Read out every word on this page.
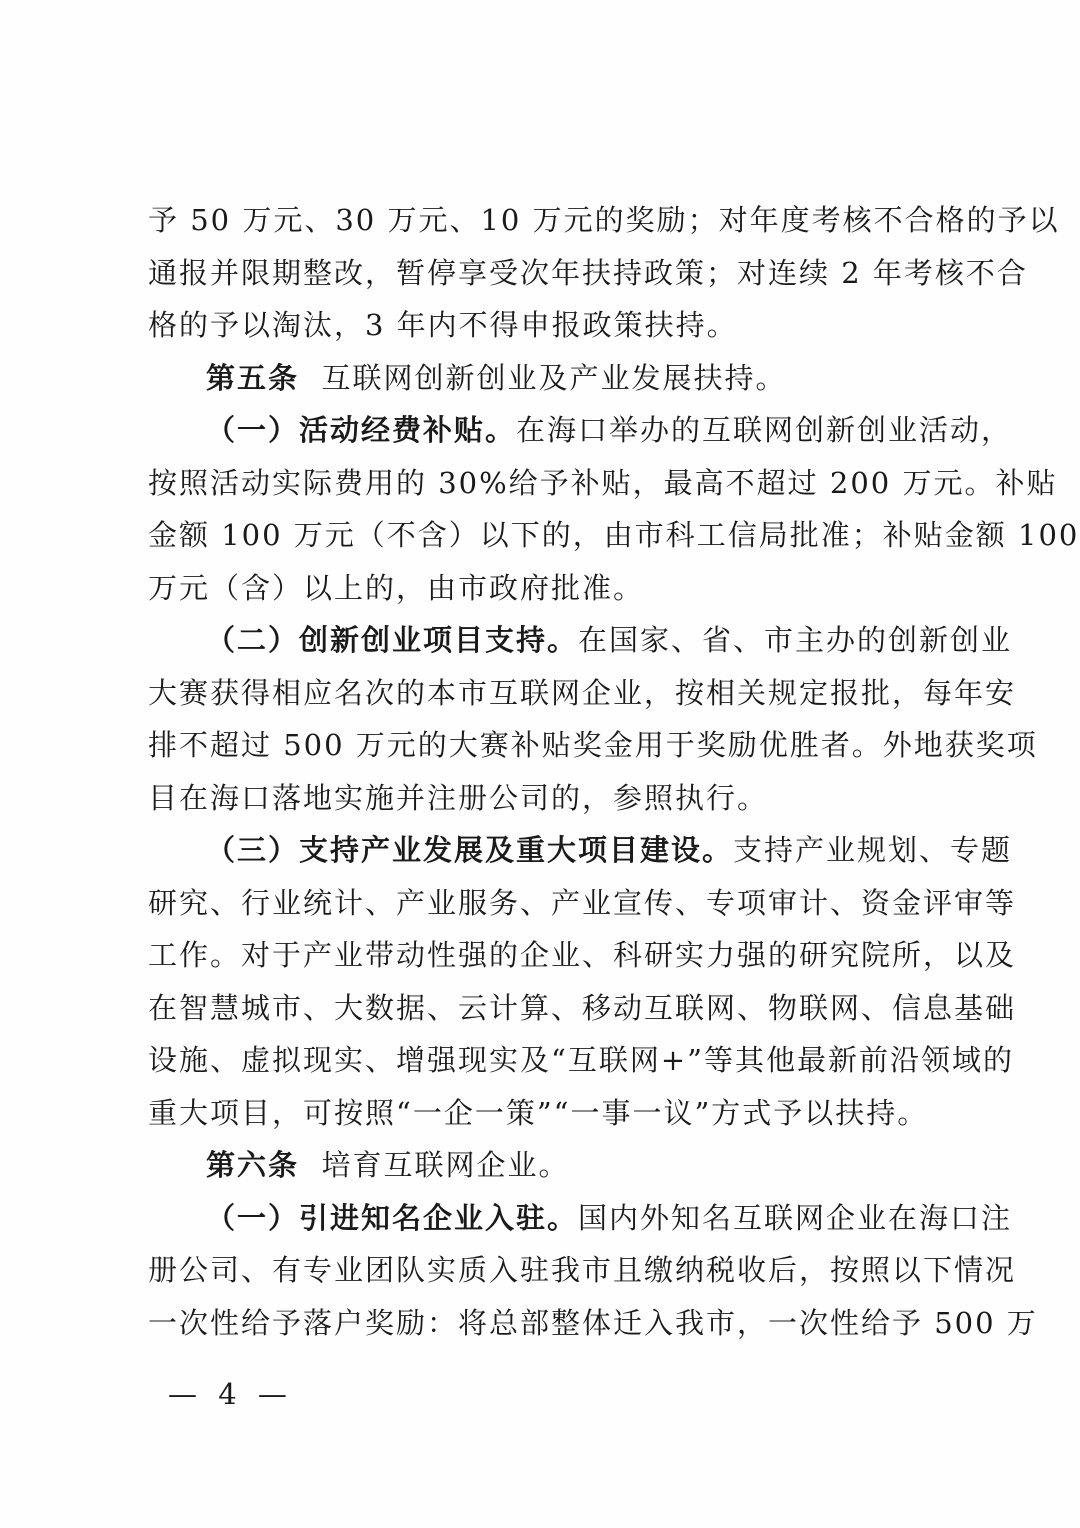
予 50 万元、30 万元、10 万元的奖励；对年度考核不合格的予以
通报并限期整改，暂停享受次年扶持政策；对连续 2 年考核不合
格的予以淘汰，3 年内不得申报政策扶持。
第五条 互联网创新创业及产业发展扶持。
（一）活动经费补贴。在海口举办的互联网创新创业活动，
按照活动实际费用的 30%给予补贴，最高不超过 200 万元。补贴
金额 100 万元（不含）以下的，由市科工信局批准；补贴金额 100
万元（含）以上的，由市政府批准。
（二）创新创业项目支持。在国家、省、市主办的创新创业
大赛获得相应名次的本市互联网企业，按相关规定报批，每年安
排不超过 500 万元的大赛补贴奖金用于奖励优胜者。外地获奖项
目在海口落地实施并注册公司的，参照执行。
（三）支持产业发展及重大项目建设。支持产业规划、专题
研究、行业统计、产业服务、产业宣传、专项审计、资金评审等
工作。对于产业带动性强的企业、科研实力强的研究院所，以及
在智慧城市、大数据、云计算、移动互联网、物联网、信息基础
设施、虚拟现实、增强现实及“互联网+”等其他最新前沿领域的
重大项目，可按照“一企一策”“一事一议”方式予以扶持。
第六条 培育互联网企业。
（一）引进知名企业入驻。国内外知名互联网企业在海口注
册公司、有专业团队实质入驻我市且缴纳税收后，按照以下情况
一次性给予落户奖励：将总部整体迁入我市，一次性给予 500 万
— 4 —
